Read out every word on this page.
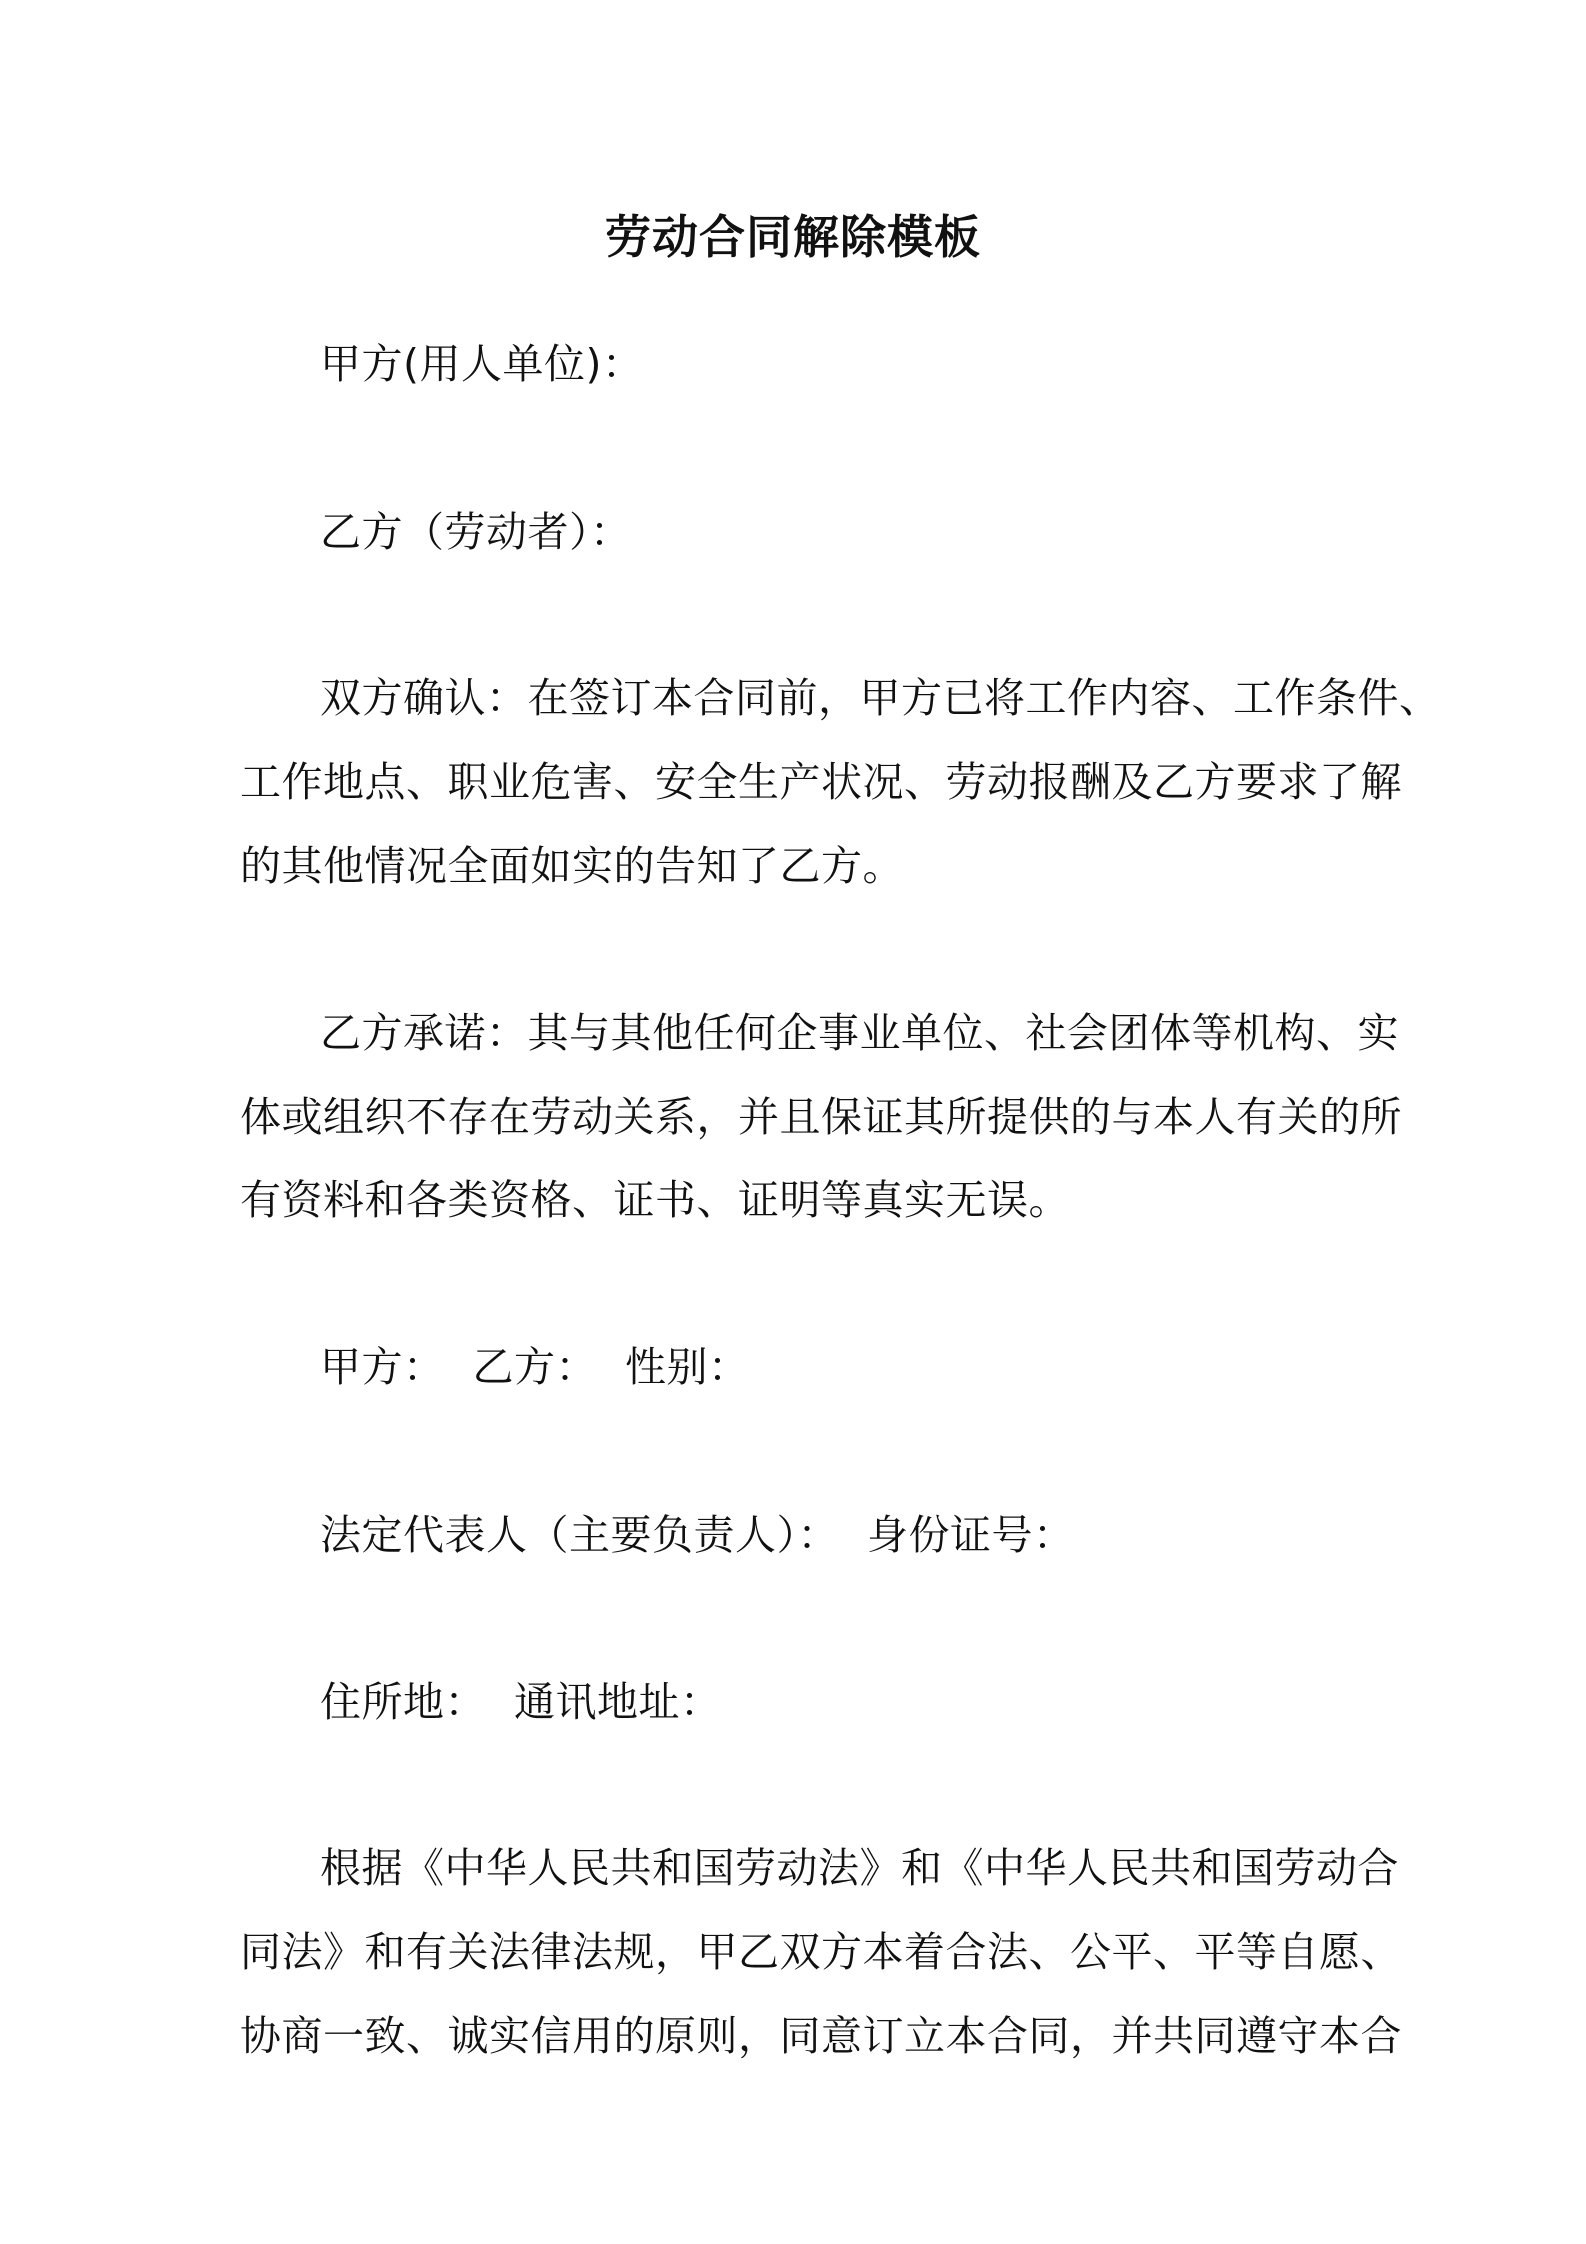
劳动合同解除模板
甲方(用人单位)：
乙方（劳动者）：
双方确认：在签订本合同前，甲方已将工作内容、工作条件、
工作地点、职业危害、安全生产状况、劳动报酬及乙方要求了解
的其他情况全面如实的告知了乙方。
乙方承诺：其与其他任何企事业单位、社会团体等机构、实
体或组织不存在劳动关系，并且保证其所提供的与本人有关的所
有资料和各类资格、证书、证明等真实无误。
甲方： 乙方： 性别：
法定代表人（主要负责人）： 身份证号：
住所地： 通讯地址：
根据《中华人民共和国劳动法》和《中华人民共和国劳动合
同法》和有关法律法规，甲乙双方本着合法、公平、平等自愿、
协商一致、诚实信用的原则，同意订立本合同，并共同遵守本合
